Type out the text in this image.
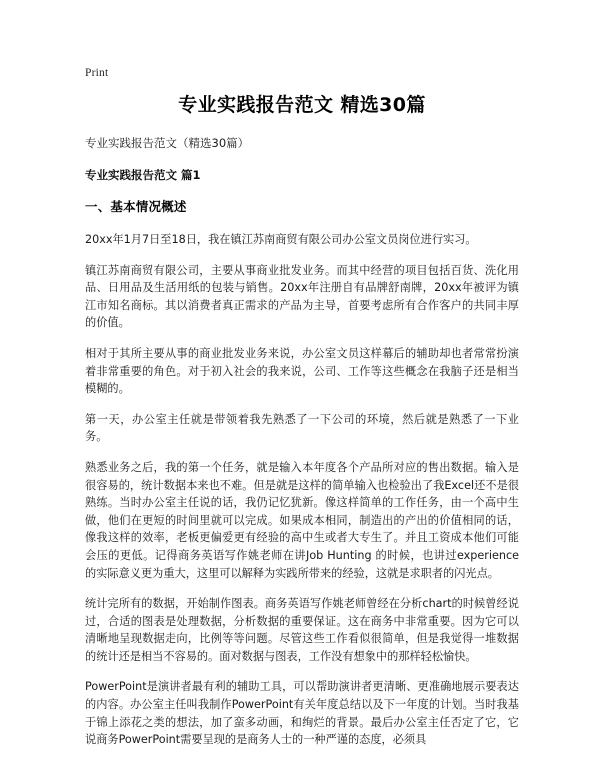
Print
专业实践报告范文 精选30篇
专业实践报告范文（精选30篇）
专业实践报告范文 篇1
一、基本情况概述

20xx年1月7日至18日，我在镇江苏南商贸有限公司办公室文员岗位进行实习。

镇江苏南商贸有限公司，主要从事商业批发业务。而其中经营的项目包括百货、洗化用品、日用品及生活用纸的包装与销售。20xx年注册自有品牌舒南牌，20xx年被评为镇江市知名商标。其以消费者真正需求的产品为主导，首要考虑所有合作客户的共同丰厚的价值。

相对于其所主要从事的商业批发业务来说，办公室文员这样幕后的辅助却也者常常扮演着非常重要的角色。对于初入社会的我来说，公司、工作等这些概念在我脑子还是相当模糊的。

第一天，办公室主任就是带领着我先熟悉了一下公司的环境，然后就是熟悉了一下业务。

熟悉业务之后，我的第一个任务，就是输入本年度各个产品所对应的售出数据。输入是很容易的，统计数据本来也不难。但是就是这样的简单输入也检验出了我Excel还不是很熟练。当时办公室主任说的话，我仍记忆犹新。像这样简单的工作任务，由一个高中生做，他们在更短的时间里就可以完成。如果成本相同，制造出的产出的价值相同的话，像我这样的效率，老板更偏爱更有经验的高中生或者大专生了。并且工资成本他们可能会压的更低。记得商务英语写作姚老师在讲Job Hunting 的时候，也讲过experience 的实际意义更为重大，这里可以解释为实践所带来的经验，这就是求职者的闪光点。

统计完所有的数据，开始制作图表。商务英语写作姚老师曾经在分析chart的时候曾经说过，合适的图表是处理数据，分析数据的重要保证。这在商务中非常重要。因为它可以清晰地呈现数据走向，比例等等问题。尽管这些工作看似很简单，但是我觉得一堆数据的统计还是相当不容易的。面对数据与图表，工作没有想象中的那样轻松愉快。

PowerPoint是演讲者最有利的辅助工具，可以帮助演讲者更清晰、更准确地展示要表达的内容。办公室主任叫我制作PowerPoint有关年度总结以及下一年度的计划。当时我基于锦上添花之类的想法，加了蛮多动画，和绚烂的背景。最后办公室主任否定了它，它说商务PowerPoint需要呈现的是商务人士的一种严谨的态度，必须具
